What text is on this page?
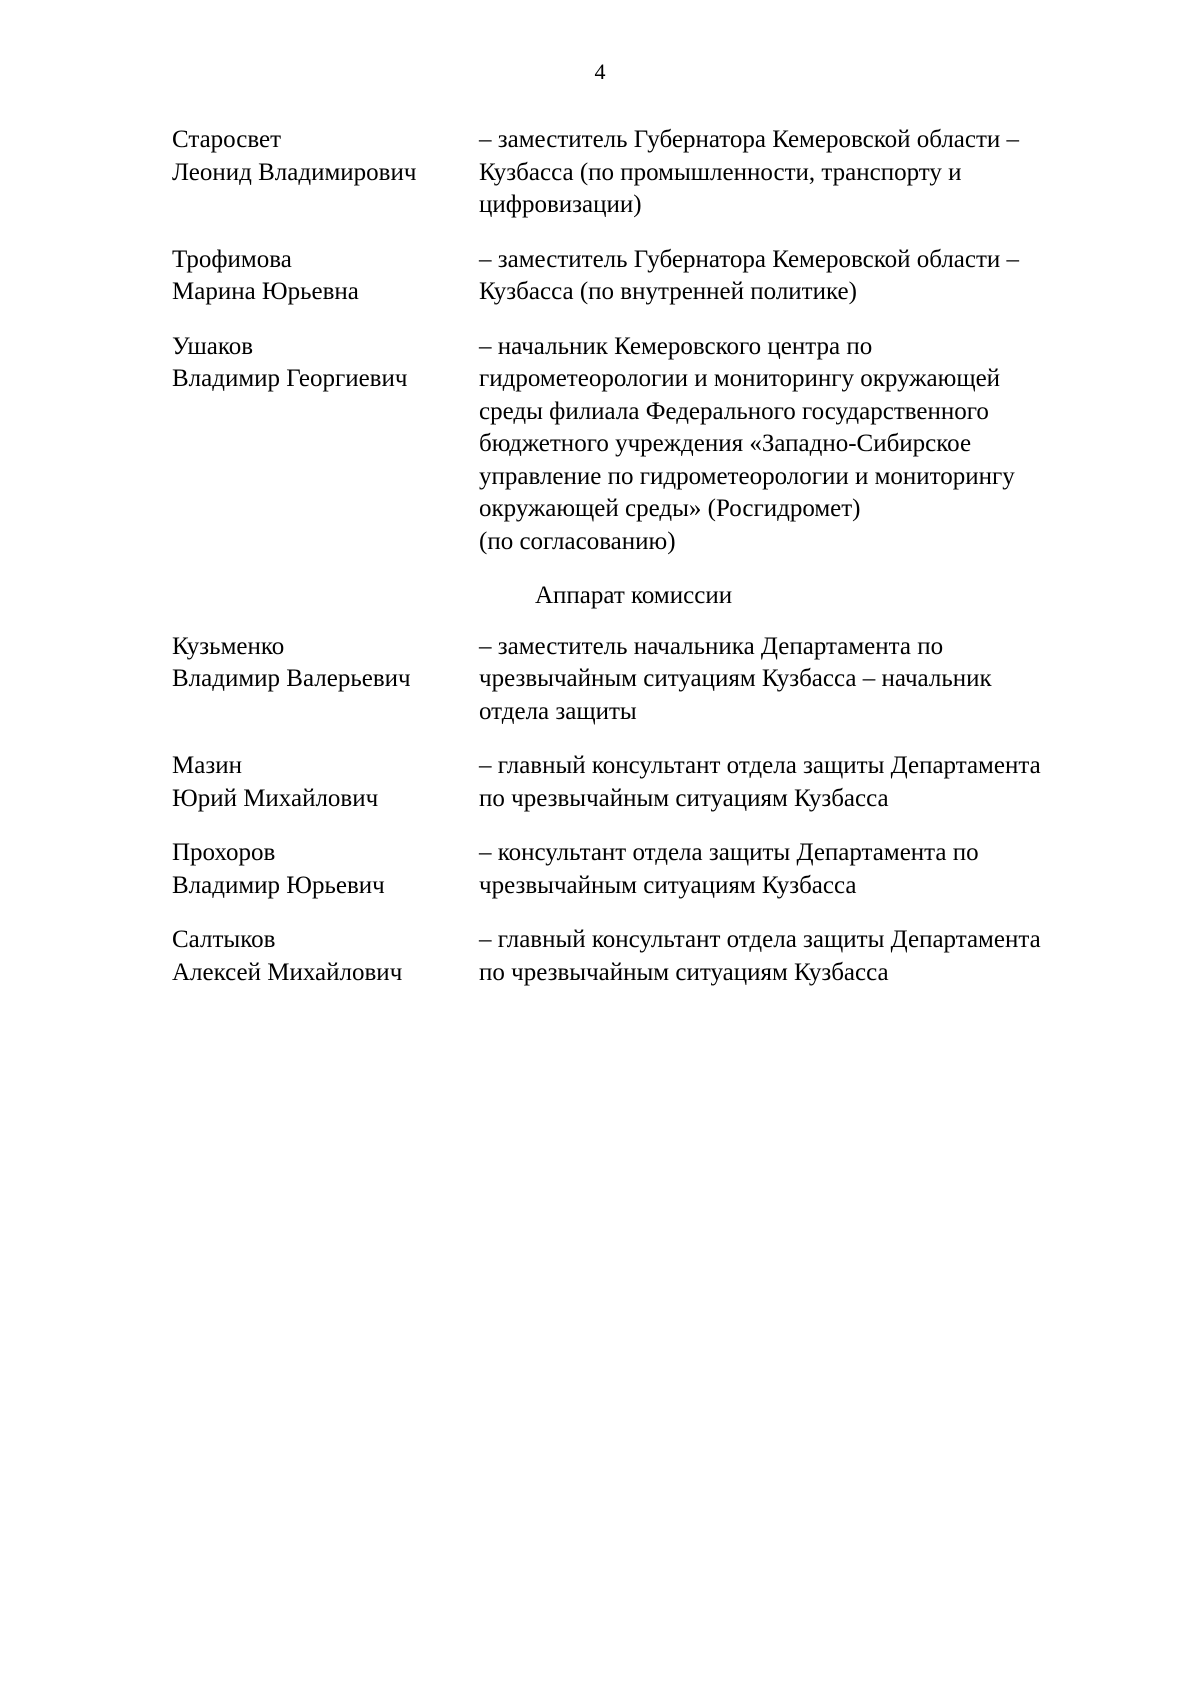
4
Старосвет
Леонид Владимирович
– заместитель Губернатора Кемеровской области –
Кузбасса (по промышленности, транспорту и
цифровизации)
Трофимова
Марина Юрьевна
– заместитель Губернатора Кемеровской области –
Кузбасса (по внутренней политике)
Ушаков
Владимир Георгиевич
– начальник Кемеровского центра по
гидрометеорологии и мониторингу окружающей
среды филиала Федерального государственного
бюджетного учреждения «Западно-Сибирское
управление по гидрометеорологии и мониторингу
окружающей среды» (Росгидромет)
(по согласованию)
Аппарат комиссии
Кузьменко
Владимир Валерьевич
– заместитель начальника Департамента по
чрезвычайным ситуациям Кузбасса – начальник
отдела защиты
Мазин
Юрий Михайлович
– главный консультант отдела защиты Департамента
по чрезвычайным ситуациям Кузбасса
Прохоров
Владимир Юрьевич
– консультант отдела защиты Департамента по
чрезвычайным ситуациям Кузбасса
Салтыков
Алексей Михайлович
– главный консультант отдела защиты Департамента
по чрезвычайным ситуациям Кузбасса
